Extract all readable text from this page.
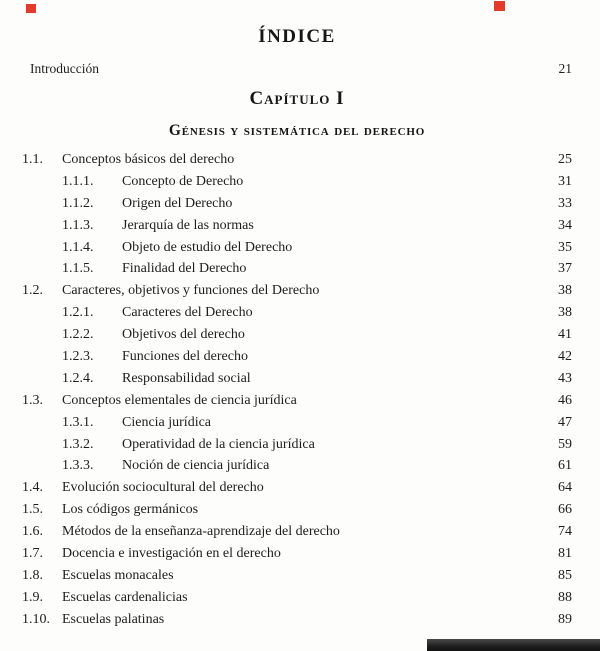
ÍNDICE
Introducción	21
Capítulo I
Génesis y sistemática del derecho
1.1.	Conceptos básicos del derecho	25
1.1.1.	Concepto de Derecho	31
1.1.2.	Origen del Derecho	33
1.1.3.	Jerarquía de las normas	34
1.1.4.	Objeto de estudio del Derecho	35
1.1.5.	Finalidad del Derecho	37
1.2.	Caracteres, objetivos y funciones del Derecho	38
1.2.1.	Caracteres del Derecho	38
1.2.2.	Objetivos del derecho	41
1.2.3.	Funciones del derecho	42
1.2.4.	Responsabilidad social	43
1.3.	Conceptos elementales de ciencia jurídica	46
1.3.1.	Ciencia jurídica	47
1.3.2.	Operatividad de la ciencia jurídica	59
1.3.3.	Noción de ciencia jurídica	61
1.4.	Evolución sociocultural del derecho	64
1.5.	Los códigos germánicos	66
1.6.	Métodos de la enseñanza-aprendizaje del derecho	74
1.7.	Docencia e investigación en el derecho	81
1.8.	Escuelas monacales	85
1.9.	Escuelas cardenalicias	88
1.10. Escuelas palatinas	89
